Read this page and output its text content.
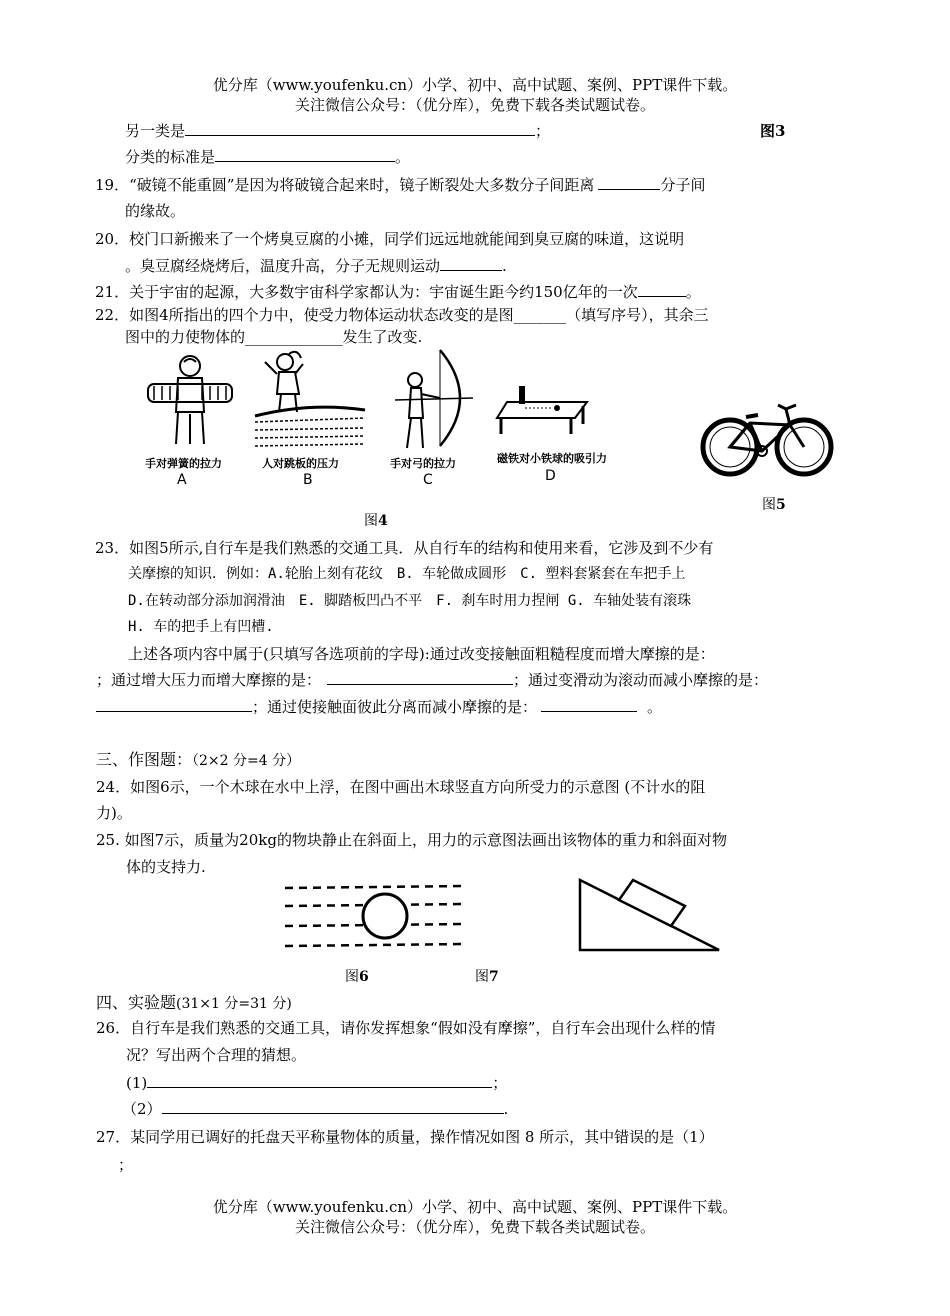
优分库（www.youfenku.cn）小学、初中、高中试题、案例、PPT课件下载。
关注微信公众号：（优分库），免费下载各类试题试卷。
另一类是	；	图3
分类的标准是	。
19．“破镜不能重圆”是因为将破镜合起来时，镜子断裂处大多数分子间距离	分子间
的缘故。
20．校门口新搬来了一个烤臭豆腐的小摊，同学们远远地就能闻到臭豆腐的味道，这说明
。臭豆腐经烧烤后，温度升高，分子无规则运动	.
21．关于宇宙的起源，大多数宇宙科学家都认为：宇宙诞生距今约150亿年的一次	。
22．如图4所指出的四个力中，使受力物体运动状态改变的是图_______（填写序号），其余三
图中的力使物体的_____________发生了改变.
手对弹簧的拉力	人对跳板的压力	手对弓的拉力	磁铁对小铁球的吸引力
A	B	C	D
图4
图5
23．如图5所示,自行车是我们熟悉的交通工具．从自行车的结构和使用来看，它涉及到不少有
关摩擦的知识．例如：A.轮胎上刻有花纹　B. 车轮做成圆形　C. 塑料套紧套在车把手上
D.在转动部分添加润滑油　E. 脚踏板凹凸不平　F. 刹车时用力捏闸 G. 车轴处装有滚珠
H. 车的把手上有凹槽.
上述各项内容中属于(只填写各选项前的字母):通过改变接触面粗糙程度而增大摩擦的是：
；通过增大压力而增大摩擦的是：	；通过变滑动为滚动而减小摩擦的是：
；通过使接触面彼此分离而减小摩擦的是：	。
三、作图题：（2×2 分=4 分）
24．如图6示，一个木球在水中上浮，在图中画出木球竖直方向所受力的示意图 (不计水的阻
力)。
25. 如图7示，质量为20kg的物块静止在斜面上，用力的示意图法画出该物体的重力和斜面对物
体的支持力.
图6	图7
四、实验题(31×1 分=31 分)
26．自行车是我们熟悉的交通工具，请你发挥想象“假如没有摩擦”，自行车会出现什么样的情
况？写出两个合理的猜想。
(1)	；
（2）	.
27．某同学用已调好的托盘天平称量物体的质量，操作情况如图 8 所示，其中错误的是（1）
；
优分库（www.youfenku.cn）小学、初中、高中试题、案例、PPT课件下载。
关注微信公众号：（优分库），免费下载各类试题试卷。
